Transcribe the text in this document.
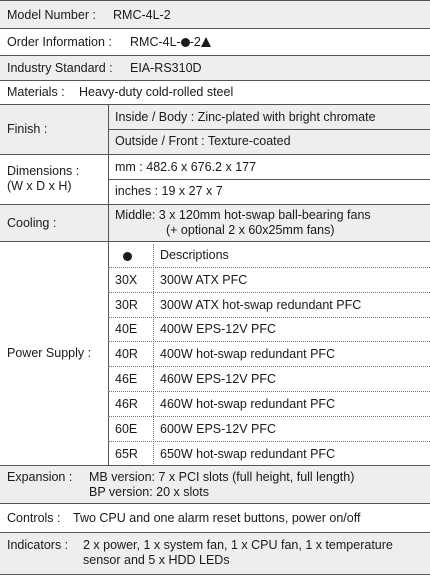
Model Number : RMC-4L-2
Order Information : RMC-4L- -2
Industry Standard : EIA-RS310D
Materials : Heavy-duty cold-rolled steel
Finish :
Inside / Body : Zinc-plated with bright chromate
Outside / Front : Texture-coated
Dimensions :
(W x D x H)
mm : 482.6 x 676.2 x 177
inches : 19 x 27 x 7
Cooling :
Middle: 3 x 120mm hot-swap ball-bearing fans
(+ optional 2 x 60x25mm fans)
Power Supply :
Descriptions
30X 300W ATX PFC
30R 300W ATX hot-swap redundant PFC
40E 400W EPS-12V PFC
40R 400W hot-swap redundant PFC
46E 460W EPS-12V PFC
46R 460W hot-swap redundant PFC
60E 600W EPS-12V PFC
65R 650W hot-swap redundant PFC
Expansion : MB version: 7 x PCI slots (full height, full length)
BP version: 20 x slots
Controls : Two CPU and one alarm reset buttons, power on/off
Indicators : 2 x power, 1 x system fan, 1 x CPU fan, 1 x temperature
sensor and 5 x HDD LEDs
